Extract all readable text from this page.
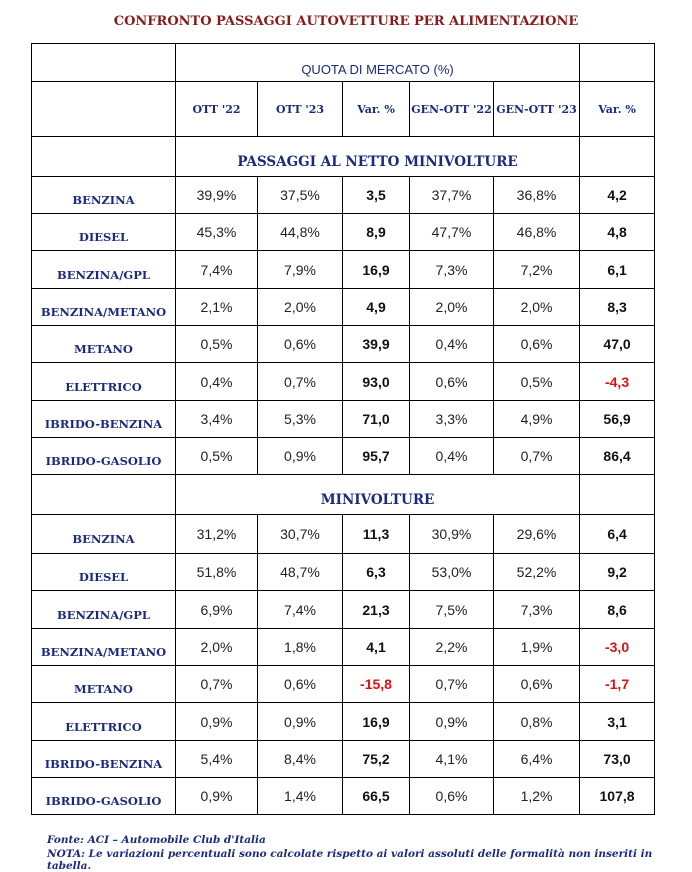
CONFRONTO PASSAGGI AUTOVETTURE PER ALIMENTAZIONE
	QUOTA DI MERCATO (%)					
	OTT '22	OTT '23	Var. %	GEN-OTT '22	GEN-OTT '23	Var. %
	PASSAGGI AL NETTO MINIVOLTURE					
BENZINA	39,9%	37,5%	3,5	37,7%	36,8%	4,2
DIESEL	45,3%	44,8%	8,9	47,7%	46,8%	4,8
BENZINA/GPL	7,4%	7,9%	16,9	7,3%	7,2%	6,1
BENZINA/METANO	2,1%	2,0%	4,9	2,0%	2,0%	8,3
METANO	0,5%	0,6%	39,9	0,4%	0,6%	47,0
ELETTRICO	0,4%	0,7%	93,0	0,6%	0,5%	-4,3
IBRIDO-BENZINA	3,4%	5,3%	71,0	3,3%	4,9%	56,9
IBRIDO-GASOLIO	0,5%	0,9%	95,7	0,4%	0,7%	86,4
	MINIVOLTURE					
BENZINA	31,2%	30,7%	11,3	30,9%	29,6%	6,4
DIESEL	51,8%	48,7%	6,3	53,0%	52,2%	9,2
BENZINA/GPL	6,9%	7,4%	21,3	7,5%	7,3%	8,6
BENZINA/METANO	2,0%	1,8%	4,1	2,2%	1,9%	-3,0
METANO	0,7%	0,6%	-15,8	0,7%	0,6%	-1,7
ELETTRICO	0,9%	0,9%	16,9	0,9%	0,8%	3,1
IBRIDO-BENZINA	5,4%	8,4%	75,2	4,1%	6,4%	73,0
IBRIDO-GASOLIO	0,9%	1,4%	66,5	0,6%	1,2%	107,8
Fonte: ACI – Automobile Club d'Italia
NOTA: Le variazioni percentuali sono calcolate rispetto ai valori assoluti delle formalità non inseriti in tabella.
